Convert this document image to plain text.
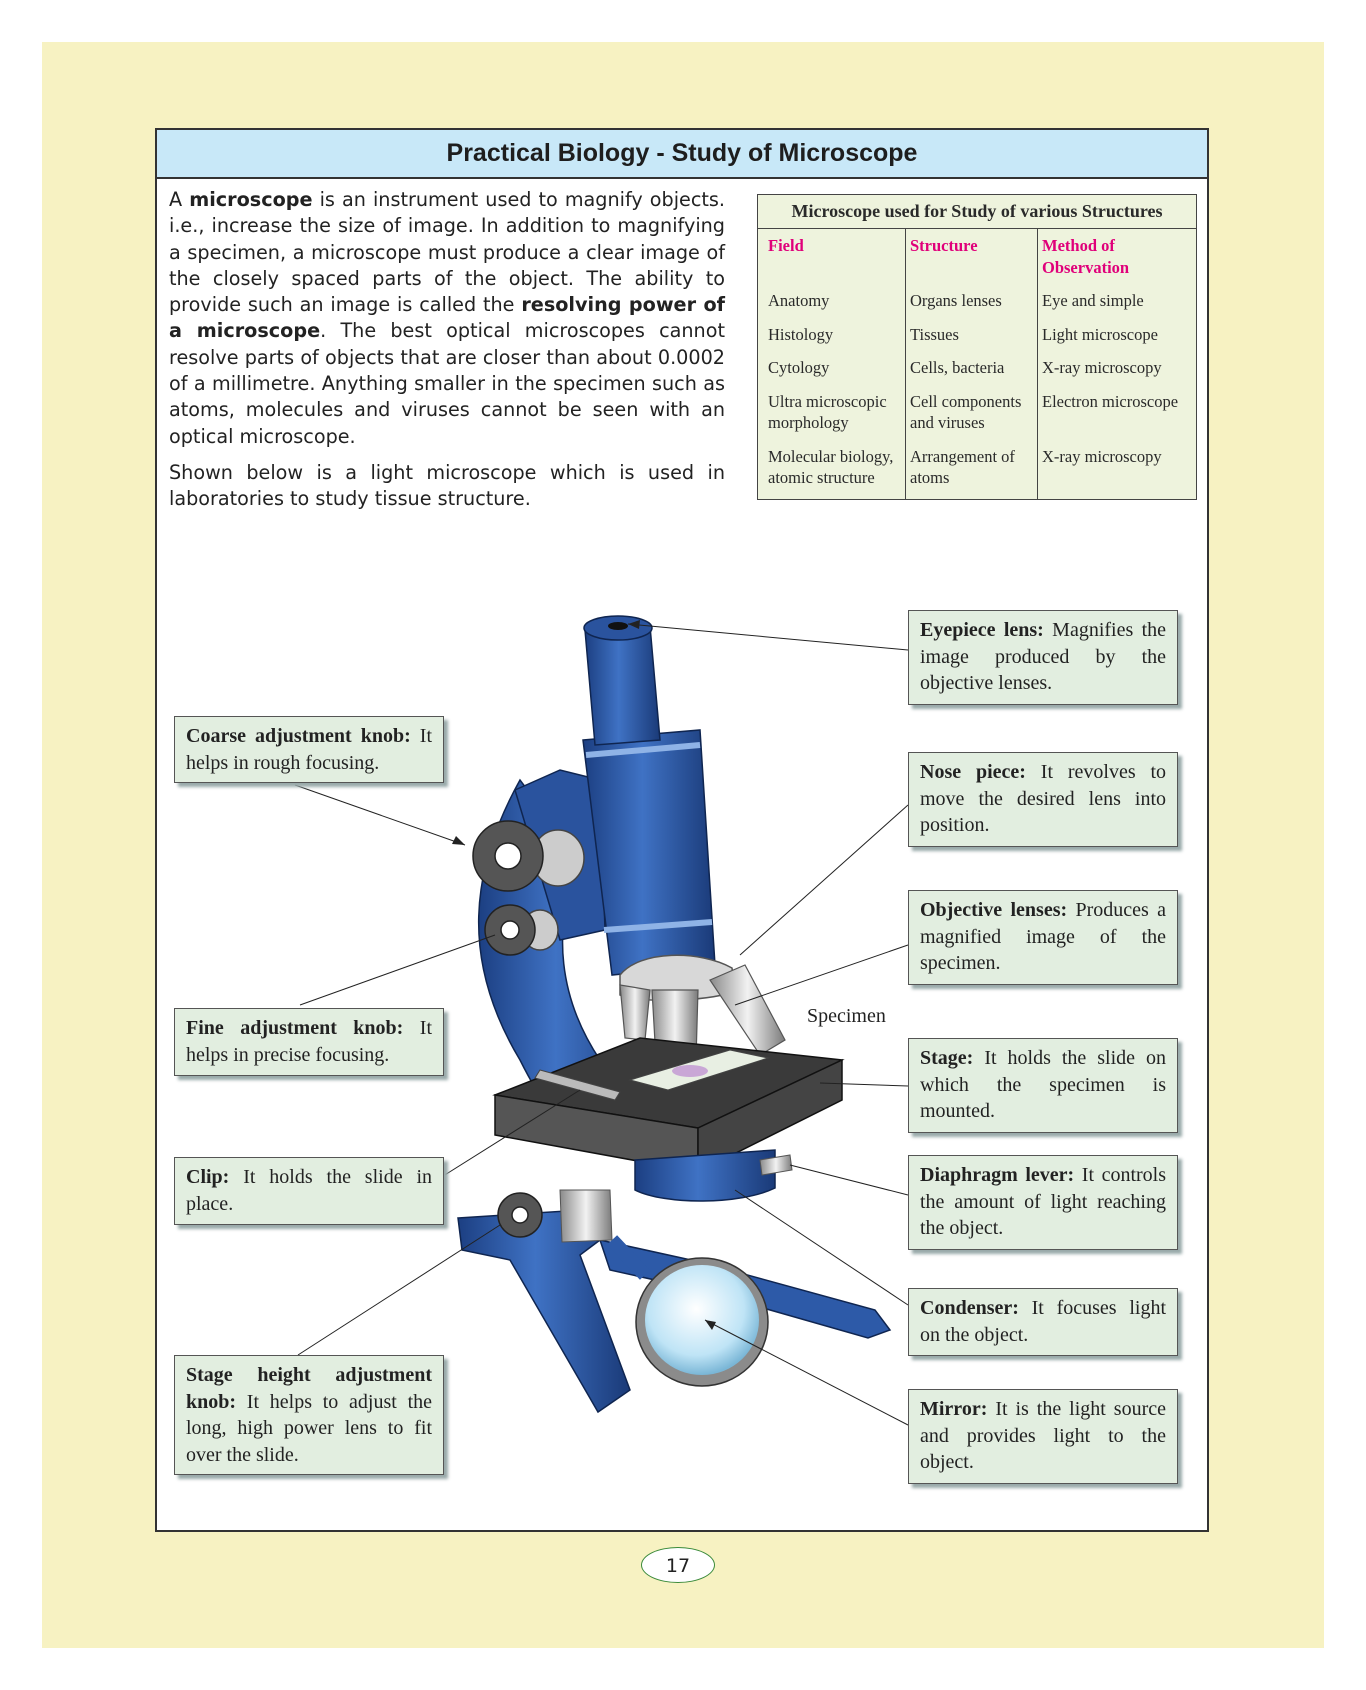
Practical Biology - Study of Microscope

A microscope is an instrument used to magnify objects. i.e., increase the size of image. In addition to magnifying a specimen, a microscope must produce a clear image of the closely spaced parts of the object. The ability to provide such an image is called the resolving power of a microscope. The best optical microscopes cannot resolve parts of objects that are closer than about 0.0002 of a millimetre. Anything smaller in the specimen such as atoms, molecules and viruses cannot be seen with an optical microscope.

Shown below is a light microscope which is used in laboratories to study tissue structure.

Microscope used for Study of various Structures
Field	Structure	Method of Observation
Anatomy	Organs lenses	Eye and simple
Histology	Tissues	Light microscope
Cytology	Cells, bacteria	X-ray microscopy
Ultra microscopic morphology	Cell components and viruses	Electron microscope
Molecular biology, atomic structure	Arrangement of atoms	X-ray microscopy
Specimen
Coarse adjustment knob: It helps in rough focusing.
Fine adjustment knob: It helps in precise focusing.
Clip: It holds the slide in place.
Stage height adjustment knob: It helps to adjust the long, high power lens to fit over the slide.
Eyepiece lens: Magnifies the image produced by the objective lenses.
Nose piece: It revolves to move the desired lens into position.
Objective lenses: Produces a magnified image of the specimen.
Stage: It holds the slide on which the specimen is mounted.
Diaphragm lever: It controls the amount of light reaching the object.
Condenser: It focuses light on the object.
Mirror: It is the light source and provides light to the object.
17
